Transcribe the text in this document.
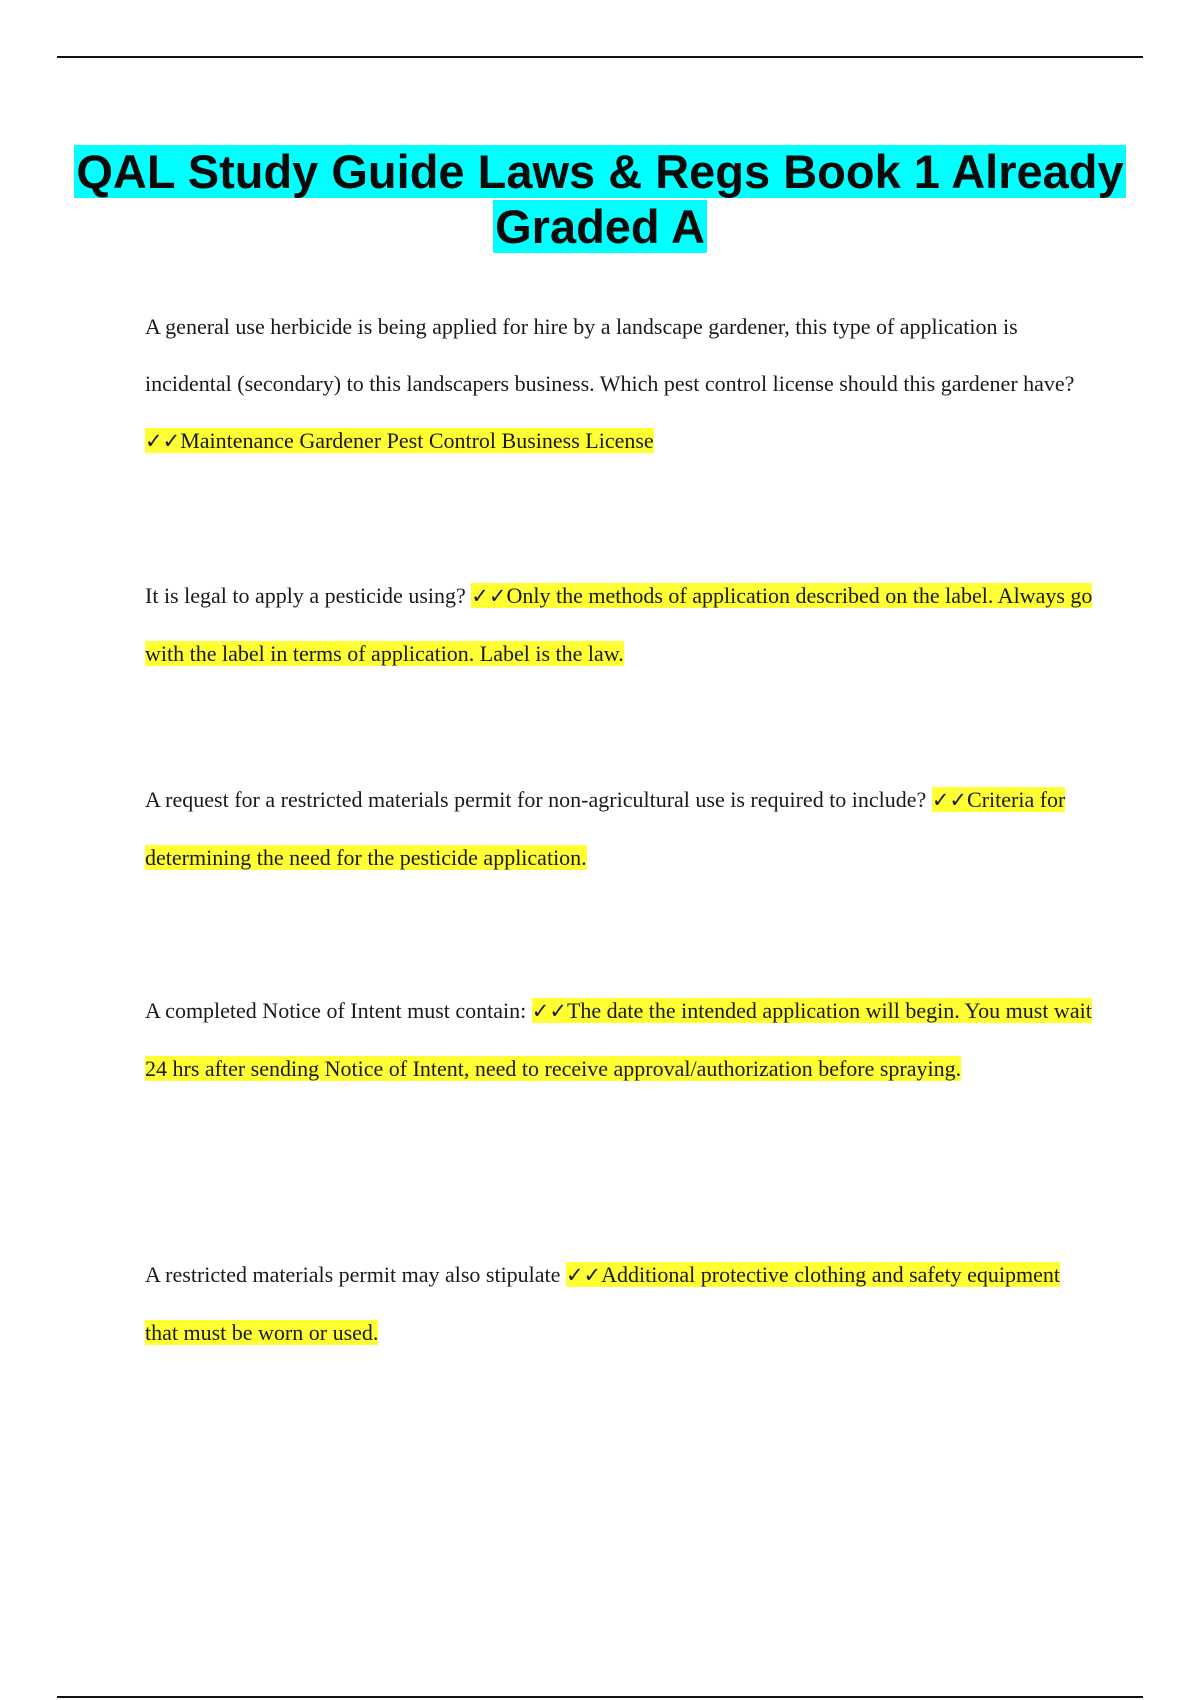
QAL Study Guide Laws & Regs Book 1 Already Graded A

A general use herbicide is being applied for hire by a landscape gardener, this type of application is incidental (secondary) to this landscapers business. Which pest control license should this gardener have? ✓✓Maintenance Gardener Pest Control Business License

It is legal to apply a pesticide using? ✓✓Only the methods of application described on the label. Always go with the label in terms of application. Label is the law.

A request for a restricted materials permit for non-agricultural use is required to include? ✓✓Criteria for determining the need for the pesticide application.

A completed Notice of Intent must contain: ✓✓The date the intended application will begin. You must wait 24 hrs after sending Notice of Intent, need to receive approval/authorization before spraying.

A restricted materials permit may also stipulate ✓✓Additional protective clothing and safety equipment that must be worn or used.
